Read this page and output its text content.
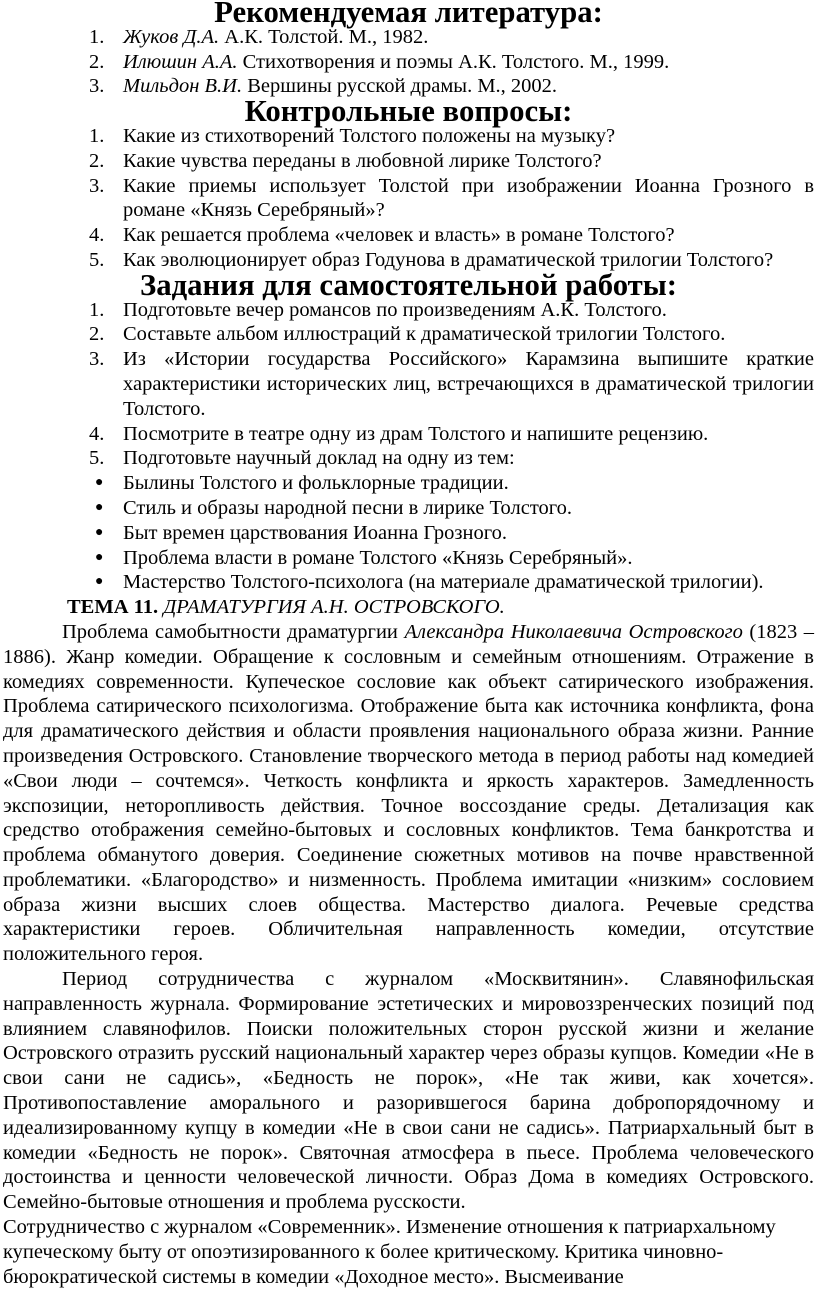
Рекомендуемая литература:
1. Жуков Д.А. А.К. Толстой. М., 1982.
2. Илюшин А.А. Стихотворения и поэмы А.К. Толстого. М., 1999.
3. Мильдон В.И. Вершины русской драмы. М., 2002.
Контрольные вопросы:
1. Какие из стихотворений Толстого положены на музыку?
2. Какие чувства переданы в любовной лирике Толстого?
3. Какие приемы использует Толстой при изображении Иоанна Грозного в романе «Князь Серебряный»?
4. Как решается проблема «человек и власть» в романе Толстого?
5. Как эволюционирует образ Годунова в драматической трилогии Толстого?
Задания для самостоятельной работы:
1. Подготовьте вечер романсов по произведениям А.К. Толстого.
2. Составьте альбом иллюстраций к драматической трилогии Толстого.
3. Из «Истории государства Российского» Карамзина выпишите краткие характеристики исторических лиц, встречающихся в драматической трилогии Толстого.
4. Посмотрите в театре одну из драм Толстого и напишите рецензию.
5. Подготовьте научный доклад на одну из тем:
● Былины Толстого и фольклорные традиции.
● Стиль и образы народной песни в лирике Толстого.
● Быт времен царствования Иоанна Грозного.
● Проблема власти в романе Толстого «Князь Серебряный».
● Мастерство Толстого-психолога (на материале драматической трилогии).
ТЕМА 11. ДРАМАТУРГИЯ А.Н. ОСТРОВСКОГО.

Проблема самобытности драматургии Александра Николаевича Островского (1823 – 1886). Жанр комедии. Обращение к сословным и семейным отношениям. Отражение в комедиях современности. Купеческое сословие как объект сатирического изображения. Проблема сатирического психологизма. Отображение быта как источника конфликта, фона для драматического действия и области проявления национального образа жизни. Ранние произведения Островского. Становление творческого метода в период работы над комедией «Свои люди – сочтемся». Четкость конфликта и яркость характеров. Замедленность экспозиции, неторопливость действия. Точное воссоздание среды. Детализация как средство отображения семейно-бытовых и сословных конфликтов. Тема банкротства и проблема обманутого доверия. Соединение сюжетных мотивов на почве нравственной проблематики. «Благородство» и низменность. Проблема имитации «низким» сословием образа жизни высших слоев общества. Мастерство диалога. Речевые средства характеристики героев. Обличительная направленность комедии, отсутствие положительного героя.

Период сотрудничества с журналом «Москвитянин». Славянофильская направленность журнала. Формирование эстетических и мировоззренческих позиций под влиянием славянофилов. Поиски положительных сторон русской жизни и желание Островского отразить русский национальный характер через образы купцов. Комедии «Не в свои сани не садись», «Бедность не порок», «Не так живи, как хочется». Противопоставление аморального и разорившегося барина добропорядочному и идеализированному купцу в комедии «Не в свои сани не садись». Патриархальный быт в комедии «Бедность не порок». Святочная атмосфера в пьесе. Проблема человеческого достоинства и ценности человеческой личности. Образ Дома в комедиях Островского. Семейно-бытовые отношения и проблема русскости.

Сотрудничество с журналом «Современник». Изменение отношения к патриархальному купеческому быту от опоэтизированного к более критическому. Критика чиновно-бюрократической системы в комедии «Доходное место». Высмеивание
